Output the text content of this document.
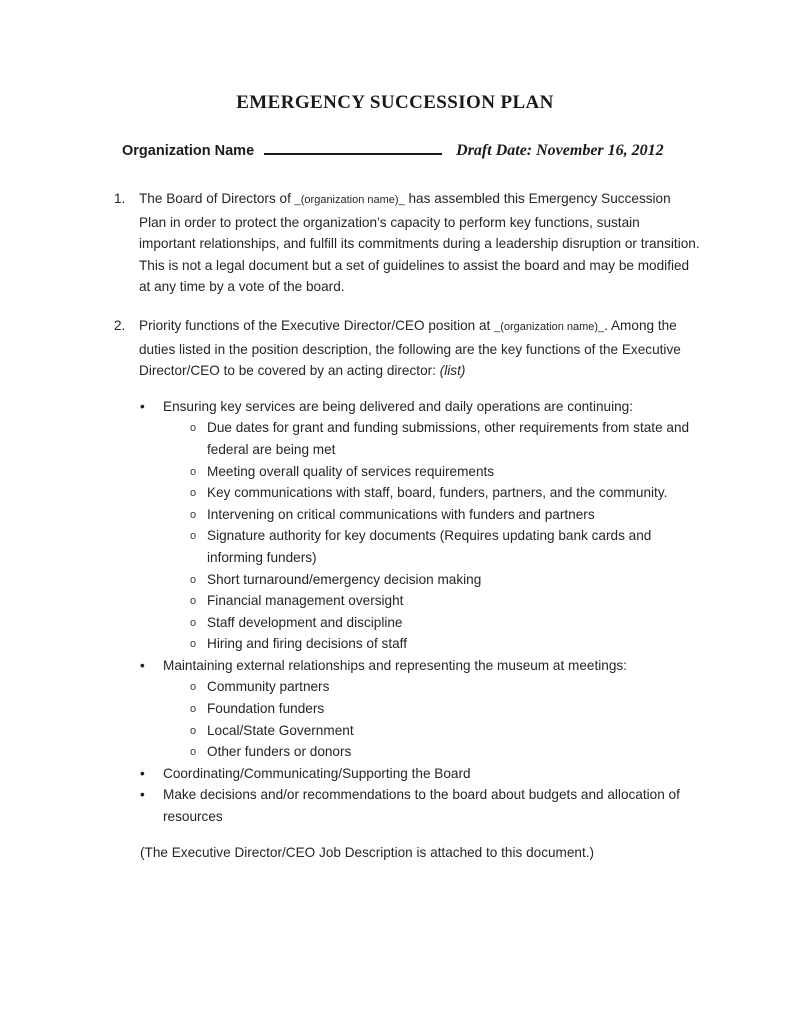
EMERGENCY SUCCESSION PLAN
Organization Name	Draft Date: November 16, 2012
1. The Board of Directors of _(organization name)_ has assembled this Emergency Succession Plan in order to protect the organization’s capacity to perform key functions, sustain important relationships, and fulfill its commitments during a leadership disruption or transition. This is not a legal document but a set of guidelines to assist the board and may be modified at any time by a vote of the board.
2. Priority functions of the Executive Director/CEO position at _(organization name)_. Among the duties listed in the position description, the following are the key functions of the Executive Director/CEO to be covered by an acting director: (list)
• Ensuring key services are being delivered and daily operations are continuing:
o Due dates for grant and funding submissions, other requirements from state and federal are being met
o Meeting overall quality of services requirements
o Key communications with staff, board, funders, partners, and the community.
o Intervening on critical communications with funders and partners
o Signature authority for key documents (Requires updating bank cards and informing funders)
o Short turnaround/emergency decision making
o Financial management oversight
o Staff development and discipline
o Hiring and firing decisions of staff
• Maintaining external relationships and representing the museum at meetings:
o Community partners
o Foundation funders
o Local/State Government
o Other funders or donors
• Coordinating/Communicating/Supporting the Board
• Make decisions and/or recommendations to the board about budgets and allocation of resources
(The Executive Director/CEO Job Description is attached to this document.)
